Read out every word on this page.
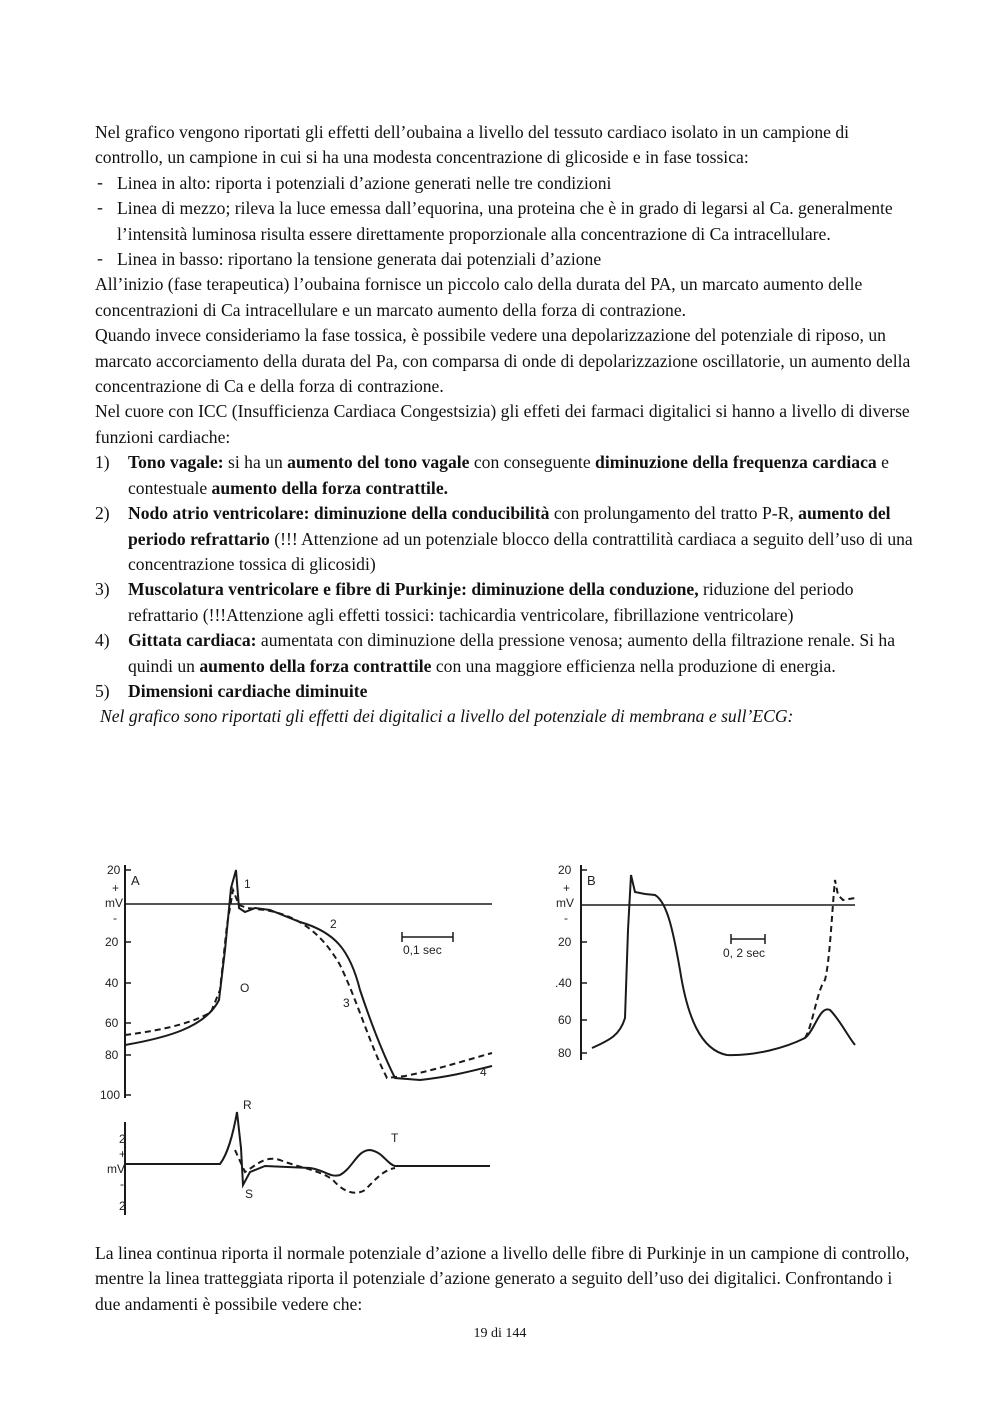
Nel grafico vengono riportati gli effetti dell’oubaina a livello del tessuto cardiaco isolato in un campione di controllo, un campione in cui si ha una modesta concentrazione di glicoside e in fase tossica:

- Linea in alto: riporta i potenziali d’azione generati nelle tre condizioni
- Linea di mezzo; rileva la luce emessa dall’equorina, una proteina che è in grado di legarsi al Ca. generalmente l’intensità luminosa risulta essere direttamente proporzionale alla concentrazione di Ca intracellulare.
- Linea in basso: riportano la tensione generata dai potenziali d’azione

All’inizio (fase terapeutica) l’oubaina fornisce un piccolo calo della durata del PA, un marcato aumento delle concentrazioni di Ca intracellulare e un marcato aumento della forza di contrazione.

Quando invece consideriamo la fase tossica, è possibile vedere una depolarizzazione del potenziale di riposo, un marcato accorciamento della durata del Pa, con comparsa di onde di depolarizzazione oscillatorie, un aumento della concentrazione di Ca e della forza di contrazione.

Nel cuore con ICC (Insufficienza Cardiaca Congestsizia) gli effeti dei farmaci digitalici si hanno a livello di diverse funzioni cardiache:

1) Tono vagale: si ha un aumento del tono vagale con conseguente diminuzione della frequenza cardiaca e contestuale aumento della forza contrattile.
2) Nodo atrio ventricolare: diminuzione della conducibilità con prolungamento del tratto P-R, aumento del periodo refrattario (!!! Attenzione ad un potenziale blocco della contrattilità cardiaca a seguito dell’uso di una concentrazione tossica di glicosidi)
3) Muscolatura ventricolare e fibre di Purkinje: diminuzione della conduzione, riduzione del periodo refrattario (!!!Attenzione agli effetti tossici: tachicardia ventricolare, fibrillazione ventricolare)
4) Gittata cardiaca: aumentata con diminuzione della pressione venosa; aumento della filtrazione renale. Si ha quindi un aumento della forza contrattile con una maggiore efficienza nella produzione di energia.
5) Dimensioni cardiache diminuite

Nel grafico sono riportati gli effetti dei digitalici a livello del potenziale di membrana e sull’ECG:

A
20
+
mV
-
20
40
60
80
100
1
2
3
4
O
0,1 sec
2
+
mV
-
2
R
S
T
B
20
+
mV
-
20
.40
60
80
0, 2 sec

La linea continua riporta il normale potenziale d’azione a livello delle fibre di Purkinje in un campione di controllo, mentre la linea tratteggiata riporta il potenziale d’azione generato a seguito dell’uso dei digitalici. Confrontando i due andamenti è possibile vedere che:

19 di 144
